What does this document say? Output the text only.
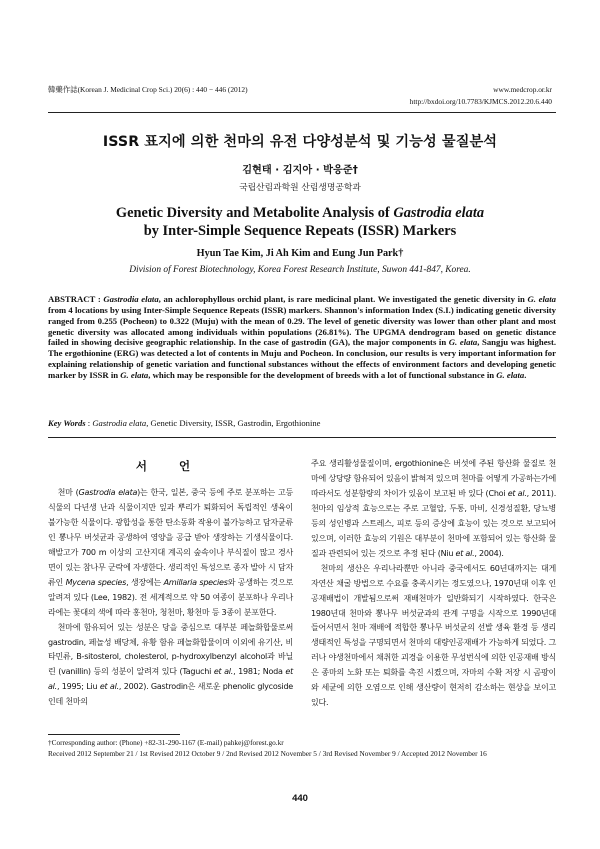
韓藥作誌(Korean J. Medicinal Crop Sci.) 20(6) : 440 − 446 (2012)	www.medcrop.or.kr
http://bxdoi.org/10.7783/KJMCS.2012.20.6.440
ISSR 표지에 의한 천마의 유전 다양성분석 및 기능성 물질분석
김현태 · 김지아 · 박응준†
국립산림과학원 산림생명공학과
Genetic Diversity and Metabolite Analysis of Gastrodia elata
by Inter-Simple Sequence Repeats (ISSR) Markers
Hyun Tae Kim, Ji Ah Kim and Eung Jun Park†
Division of Forest Biotechnology, Korea Forest Research Institute, Suwon 441-847, Korea.
ABSTRACT : Gastrodia elata, an achlorophyllous orchid plant, is rare medicinal plant. We investigated the genetic diversity in G. elata from 4 locations by using Inter-Simple Sequence Repeats (ISSR) markers. Shannon's information Index (S.I.) indicating genetic diversity ranged from 0.255 (Pocheon) to 0.322 (Muju) with the mean of 0.29. The level of genetic diversity was lower than other plant and most genetic diversity was allocated among individuals within populations (26.81%). The UPGMA dendrogram based on genetic distance failed in showing decisive geographic relationship. In the case of gastrodin (GA), the major components in G. elata, Sangju was highest. The ergothionine (ERG) was detected a lot of contents in Muju and Pocheon. In conclusion, our results is very important information for explaining relationship of genetic variation and functional substances without the effects of environment factors and developing genetic marker by ISSR in G. elata, which may be responsible for the development of breeds with a lot of functional substance in G. elata.
Key Words : Gastrodia elata, Genetic Diversity, ISSR, Gastrodin, Ergothionine
서 언

천마 (Gastrodia elata)는 한국, 일본, 중국 등에 주로 분포하는 고등식물의 다년생 난과 식물이지만 잎과 뿌리가 퇴화되어 독립적인 생육이 불가능한 식물이다. 광합성을 통한 탄소동화 작용이 불가능하고 담자균류인 뽕나무 버섯균과 공생하여 영양을 공급 받아 생장하는 기생식물이다. 해발고가 700 m 이상의 고산지대 계곡의 숲속이나 부식질이 많고 경사면이 있는 참나무 군락에 자생한다. 생리적인 특성으로 종자 발아 시 담자류인 Mycena species, 생장에는 Amillaria species와 공생하는 것으로 알려져 있다 (Lee, 1982). 전 세계적으로 약 50 여종이 분포하나 우리나라에는 꽃대의 색에 따라 홍천마, 청천마, 황천마 등 3종이 분포한다.

천마에 함유되어 있는 성분은 당을 중심으로 대부분 페놀화합물로써 gastrodin, 페놀성 배당체, 유황 함유 페놀화합물이며 이외에 유기산, 비타민류, Β-sitosterol, cholesterol, p-hydroxylbenzyl alcohol과 바닐린 (vanillin) 등의 성분이 알려져 있다 (Taguchi et al., 1981; Noda et al., 1995; Liu et al., 2002). Gastrodin은 새로운 phenolic glycoside인데 천마의

주요 생리활성물질이며, ergothionine은 버섯에 주된 항산화 물질로 천마에 상당량 함유되어 있음이 밝혀져 있으며 천마를 어떻게 가공하는가에 따라서도 성분함량의 차이가 있음이 보고된 바 있다 (Choi et al., 2011). 천마의 임상적 효능으로는 주로 고혈압, 두통, 마비, 신경성질환, 당뇨병 등의 성인병과 스트레스, 피로 등의 증상에 효능이 있는 것으로 보고되어 있으며, 이러한 효능의 기원은 대부분이 천마에 포함되어 있는 항산화 물질과 관련되어 있는 것으로 추정 된다 (Niu et al., 2004).

천마의 생산은 우리나라뿐만 아니라 중국에서도 60년대까지는 대게 자연산 채굴 방법으로 수요를 충족시키는 정도였으나, 1970년대 이후 인공재배법이 개발됨으로써 재배천마가 일반화되기 시작하였다. 한국은 1980년대 천마와 뽕나무 버섯균과의 관계 구명을 시작으로 1990년대 들어서면서 천마 재배에 적합한 뽕나무 버섯균의 선발 생육 환경 등 생리 생태적인 특성을 구명되면서 천마의 대량인공재배가 가능하게 되었다. 그러나 야생천마에서 채취한 괴경을 이용한 무성번식에 의한 인공재배 방식은 종마의 노화 또는 퇴화를 촉진 시켰으며, 자마의 수확 저장 시 곰팡이와 세균에 의한 오염으로 인해 생산량이 현저히 감소하는 현상을 보이고 있다.

†Corresponding author: (Phone) +82-31-290-1167 (E-mail) pahkej@forest.go.kr
Received 2012 September 21 / 1st Revised 2012 October 9 / 2nd Revised 2012 November 5 / 3rd Revised November 9 / Accepted 2012 November 16
440
